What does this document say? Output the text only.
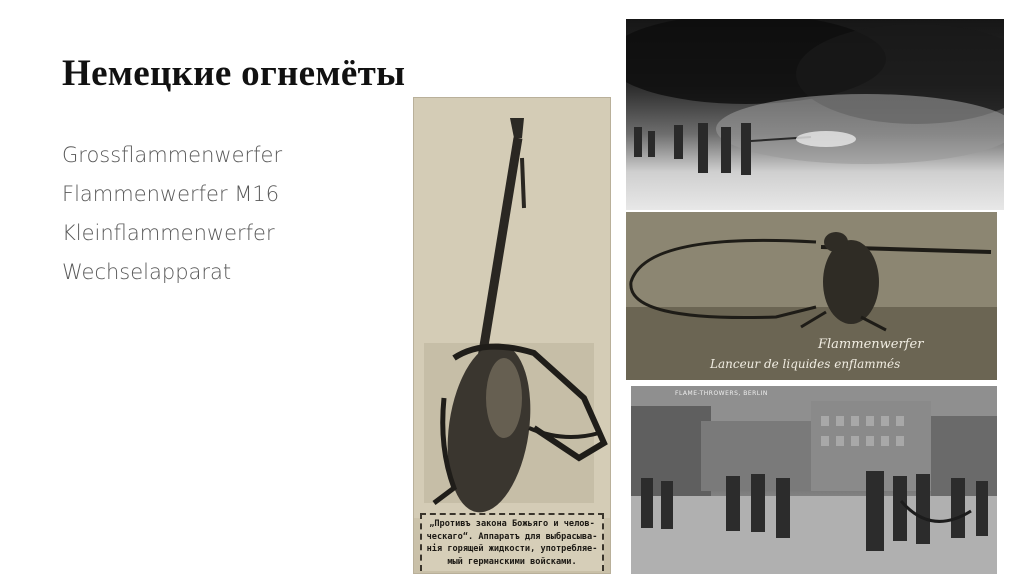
Немецкие огнемёты
Grossflammenwerfer
Flammenwerfer M16
Kleinflammenwerfer
Wechselapparat
„Противъ закона Божьяго и челов-
ческаго“. Аппаратъ для выбрасыва-
нія горящей жидкости, употребляе-
мый германскими войсками.
Flammenwerfer
Lanceur de liquides enflammés
FLAME-THROWERS, BERLIN
